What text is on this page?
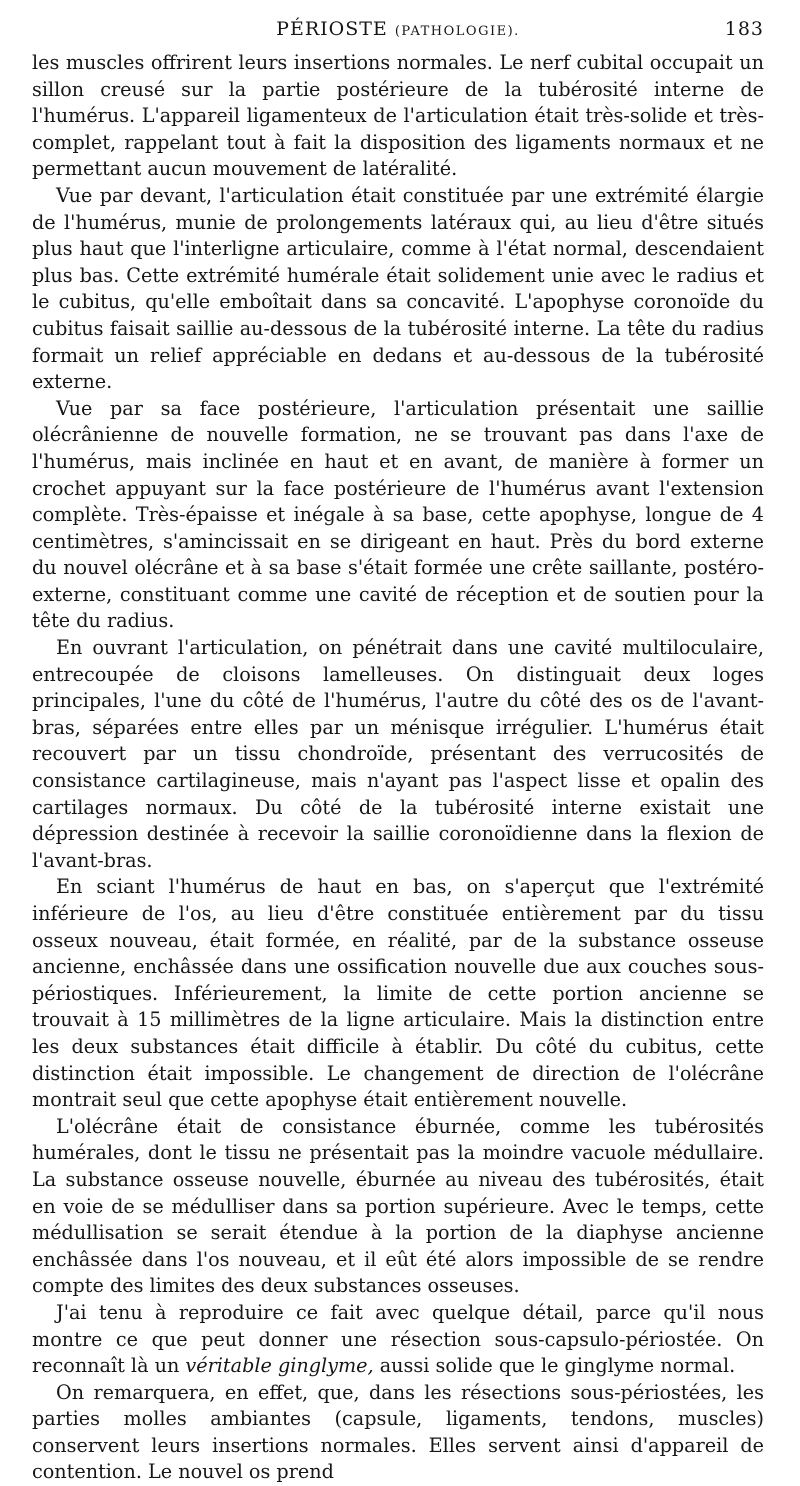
PÉRIOSTE (PATHOLOGIE).	183

les muscles offrirent leurs insertions normales. Le nerf cubital occupait un sillon creusé sur la partie postérieure de la tubérosité interne de l'humérus. L'appareil ligamenteux de l'articulation était très-solide et très-complet, rappelant tout à fait la disposition des ligaments normaux et ne permettant aucun mouvement de latéralité.

Vue par devant, l'articulation était constituée par une extrémité élargie de l'humérus, munie de prolongements latéraux qui, au lieu d'être situés plus haut que l'interligne articulaire, comme à l'état normal, descendaient plus bas. Cette extrémité humérale était solidement unie avec le radius et le cubitus, qu'elle emboîtait dans sa concavité. L'apophyse coronoïde du cubitus faisait saillie au-dessous de la tubérosité interne. La tête du radius formait un relief appréciable en dedans et au-dessous de la tubérosité externe.

Vue par sa face postérieure, l'articulation présentait une saillie olécrânienne de nouvelle formation, ne se trouvant pas dans l'axe de l'humérus, mais inclinée en haut et en avant, de manière à former un crochet appuyant sur la face postérieure de l'humérus avant l'extension complète. Très-épaisse et inégale à sa base, cette apophyse, longue de 4 centimètres, s'amincissait en se dirigeant en haut. Près du bord externe du nouvel olécrâne et à sa base s'était formée une crête saillante, postéro-externe, constituant comme une cavité de réception et de soutien pour la tête du radius.

En ouvrant l'articulation, on pénétrait dans une cavité multiloculaire, entrecoupée de cloisons lamelleuses. On distinguait deux loges principales, l'une du côté de l'humérus, l'autre du côté des os de l'avant-bras, séparées entre elles par un ménisque irrégulier. L'humérus était recouvert par un tissu chondroïde, présentant des verrucosités de consistance cartilagineuse, mais n'ayant pas l'aspect lisse et opalin des cartilages normaux. Du côté de la tubérosité interne existait une dépression destinée à recevoir la saillie coronoïdienne dans la flexion de l'avant-bras.

En sciant l'humérus de haut en bas, on s'aperçut que l'extrémité inférieure de l'os, au lieu d'être constituée entièrement par du tissu osseux nouveau, était formée, en réalité, par de la substance osseuse ancienne, enchâssée dans une ossification nouvelle due aux couches sous-périostiques. Inférieurement, la limite de cette portion ancienne se trouvait à 15 millimètres de la ligne articulaire. Mais la distinction entre les deux substances était difficile à établir. Du côté du cubitus, cette distinction était impossible. Le changement de direction de l'olécrâne montrait seul que cette apophyse était entièrement nouvelle.

L'olécrâne était de consistance éburnée, comme les tubérosités humérales, dont le tissu ne présentait pas la moindre vacuole médullaire. La substance osseuse nouvelle, éburnée au niveau des tubérosités, était en voie de se médulliser dans sa portion supérieure. Avec le temps, cette médullisation se serait étendue à la portion de la diaphyse ancienne enchâssée dans l'os nouveau, et il eût été alors impossible de se rendre compte des limites des deux substances osseuses.

J'ai tenu à reproduire ce fait avec quelque détail, parce qu'il nous montre ce que peut donner une résection sous-capsulo-périostée. On reconnaît là un véritable ginglyme, aussi solide que le ginglyme normal.

On remarquera, en effet, que, dans les résections sous-périostées, les parties molles ambiantes (capsule, ligaments, tendons, muscles) conservent leurs insertions normales. Elles servent ainsi d'appareil de contention. Le nouvel os prend
